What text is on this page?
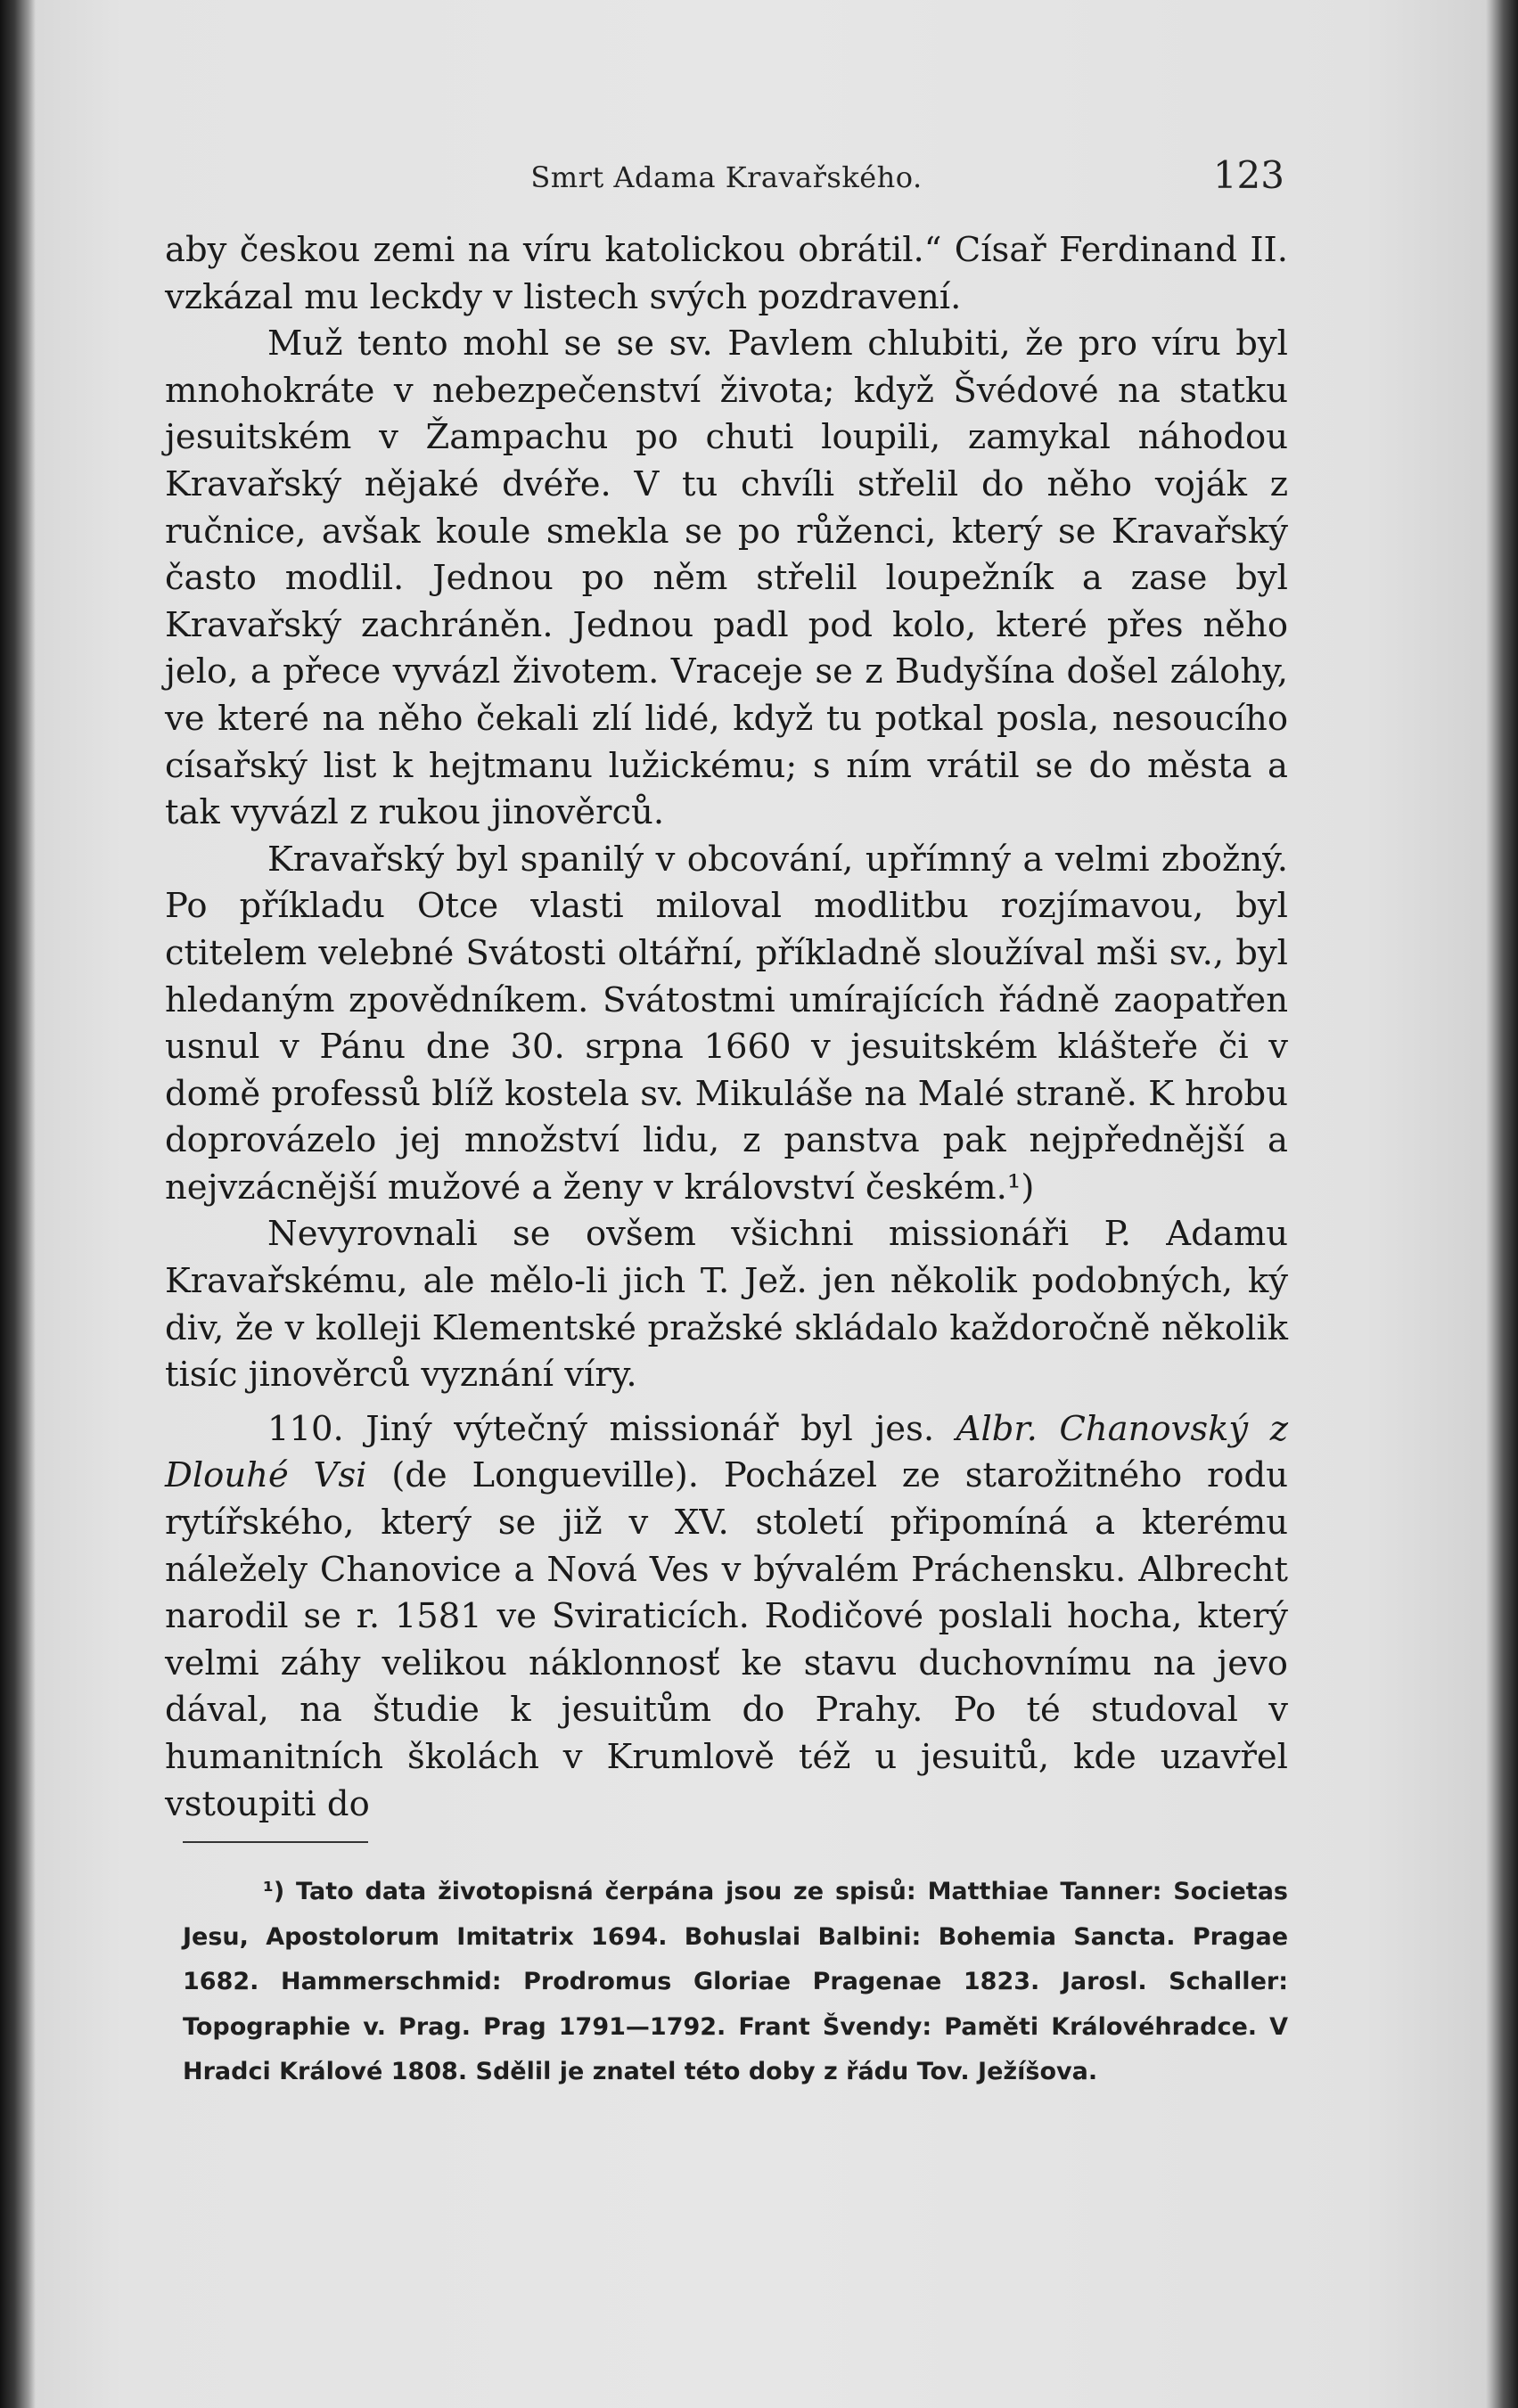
Smrt Adama Kravařského.	123

aby českou zemi na víru katolickou obrátil.“ Císař Ferdinand II. vzkázal mu leckdy v listech svých pozdravení.

Muž tento mohl se se sv. Pavlem chlubiti, že pro víru byl mnohokráte v nebezpečenství života; když Švédové na statku jesuitském v Žampachu po chuti loupili, zamykal náhodou Kravařský nějaké dvéře. V tu chvíli střelil do něho voják z ručnice, avšak koule smekla se po růženci, který se Kravařský často modlil. Jednou po něm střelil loupežník a zase byl Kravařský zachráněn. Jednou padl pod kolo, které přes něho jelo, a přece vyvázl životem. Vraceje se z Budyšína došel zálohy, ve které na něho čekali zlí lidé, když tu potkal posla, nesoucího císařský list k hejtmanu lužickému; s ním vrátil se do města a tak vyvázl z rukou jinověrců.

Kravařský byl spanilý v obcování, upřímný a velmi zbožný. Po příkladu Otce vlasti miloval modlitbu rozjímavou, byl ctitelem velebné Svátosti oltářní, příkladně sloužíval mši sv., byl hledaným zpovědníkem. Svátostmi umírajících řádně zaopatřen usnul v Pánu dne 30. srpna 1660 v jesuitském klášteře či v domě professů blíž kostela sv. Mikuláše na Malé straně. K hrobu doprovázelo jej množství lidu, z panstva pak nejpřednější a nejvzácnější mužové a ženy v království českém.¹)

Nevyrovnali se ovšem všichni missionáři P. Adamu Kravařskému, ale mělo-li jich T. Jež. jen několik podobných, ký div, že v kolleji Klementské pražské skládalo každoročně několik tisíc jinověrců vyznání víry.

110. Jiný výtečný missionář byl jes. Albr. Chanovský z Dlouhé Vsi (de Longueville). Pocházel ze starožitného rodu rytířského, který se již v XV. století připomíná a kterému náležely Chanovice a Nová Ves v bývalém Práchensku. Albrecht narodil se r. 1581 ve Sviraticích. Rodičové poslali hocha, který velmi záhy velikou náklonnosť ke stavu duchovnímu na jevo dával, na študie k jesuitům do Prahy. Po té studoval v humanitních školách v Krumlově též u jesuitů, kde uzavřel vstoupiti do

¹) Tato data životopisná čerpána jsou ze spisů: Matthiae Tanner: Societas Jesu, Apostolorum Imitatrix 1694. Bohuslai Balbini: Bohemia Sancta. Pragae 1682. Hammerschmid: Prodromus Gloriae Pragenae 1823. Jarosl. Schaller: Topographie v. Prag. Prag 1791—1792. Frant Švendy: Paměti Královéhradce. V Hradci Králové 1808. Sdělil je znatel této doby z řádu Tov. Ježíšova.
